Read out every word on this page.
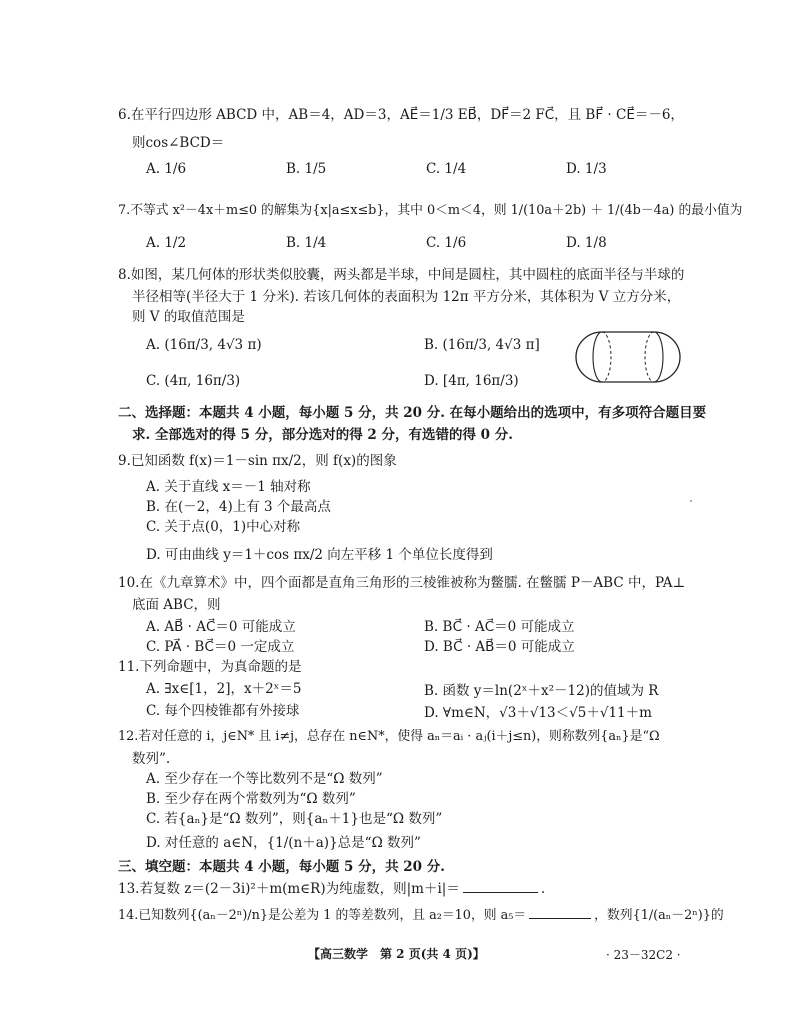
6.在平行四边形 ABCD 中，AB＝4，AD＝3，AE⃗＝1/3 EB⃗，DF⃗＝2 FC⃗，且 BF⃗ · CE⃗＝－6，
则cos∠BCD＝
A. 1/6	B. 1/5	C. 1/4	D. 1/3
7.不等式 x²－4x＋m≤0 的解集为{x|a≤x≤b}，其中 0＜m＜4，则 1/(10a＋2b) ＋ 1/(4b－4a) 的最小值为
A. 1/2	B. 1/4	C. 1/6	D. 1/8
8.如图，某几何体的形状类似胶囊，两头都是半球，中间是圆柱，其中圆柱的底面半径与半球的
半径相等(半径大于 1 分米). 若该几何体的表面积为 12π 平方分米，其体积为 V 立方分米，
则 V 的取值范围是
A. (16π/3, 4√3 π)	B. (16π/3, 4√3 π]
C. (4π, 16π/3)	D. [4π, 16π/3)
二、选择题：本题共 4 小题，每小题 5 分，共 20 分. 在每小题给出的选项中，有多项符合题目要
求. 全部选对的得 5 分，部分选对的得 2 分，有选错的得 0 分.
9.已知函数 f(x)＝1－sin πx/2，则 f(x)的图象
A. 关于直线 x＝－1 轴对称
B. 在(－2，4)上有 3 个最高点
C. 关于点(0，1)中心对称
D. 可由曲线 y＝1＋cos πx/2 向左平移 1 个单位长度得到
10.在《九章算术》中，四个面都是直角三角形的三棱锥被称为鳖臑. 在鳖臑 P－ABC 中，PA⊥
底面 ABC，则
A. AB⃗ · AC⃗＝0 可能成立	B. BC⃗ · AC⃗＝0 可能成立
C. PA⃗ · BC⃗＝0 一定成立	D. BC⃗ · AB⃗＝0 可能成立
11.下列命题中，为真命题的是
A. ∃x∈[1，2]，x＋2ˣ＝5	B. 函数 y＝ln(2ˣ＋x²－12)的值域为 R
C. 每个四棱锥都有外接球	D. ∀m∈N，√3＋√13＜√5＋√11＋m
12.若对任意的 i，j∈N* 且 i≠j，总存在 n∈N*，使得 aₙ＝aᵢ · aⱼ(i＋j≤n)，则称数列{aₙ}是“Ω
数列”.
A. 至少存在一个等比数列不是“Ω 数列”
B. 至少存在两个常数列为“Ω 数列”
C. 若{aₙ}是“Ω 数列”，则{aₙ＋1}也是“Ω 数列”
D. 对任意的 a∈N，{1/(n＋a)}总是“Ω 数列”
三、填空题：本题共 4 小题，每小题 5 分，共 20 分.
13.若复数 z＝(2－3i)²＋m(m∈R)为纯虚数，则|m＋i|＝	.
14.已知数列{(aₙ－2ⁿ)/n}是公差为 1 的等差数列，且 a₂＝10，则 a₅＝	，数列{1/(aₙ－2ⁿ)}的
【高三数学　第 2 页(共 4 页)】	· 23－32C2 ·
